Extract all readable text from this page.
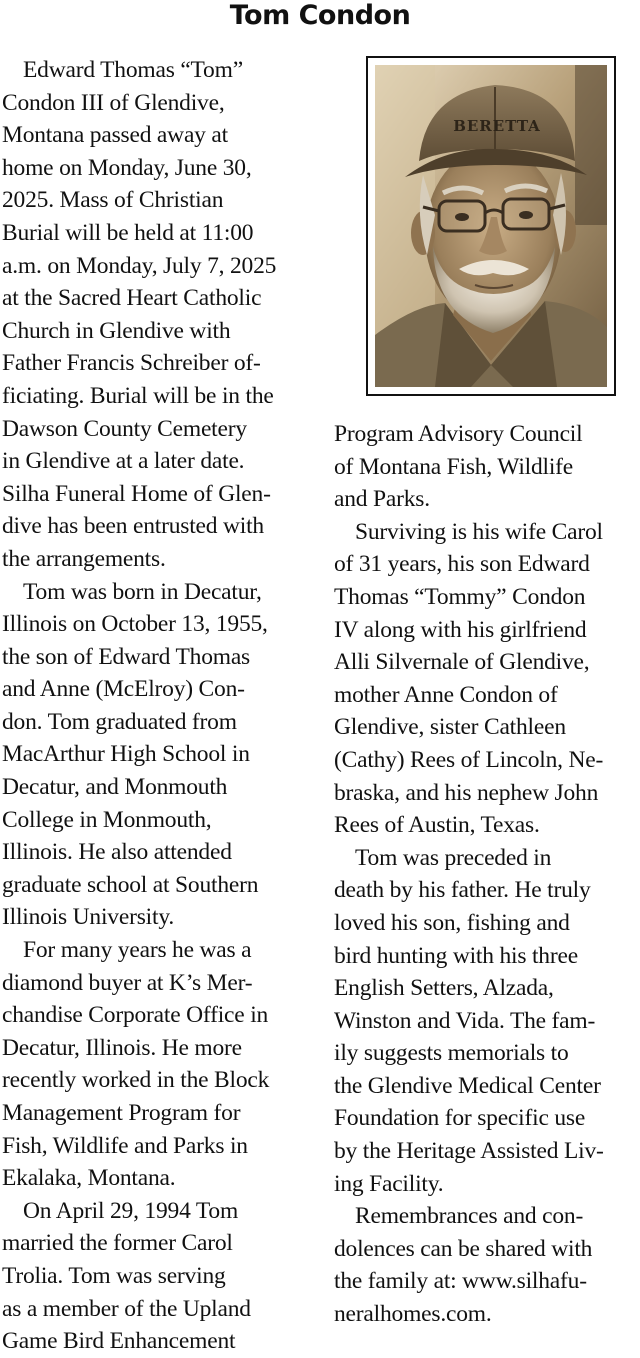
Tom Condon
Edward Thomas “Tom”
Condon III of Glendive,
Montana passed away at
home on Monday, June 30,
2025. Mass of Christian
Burial will be held at 11:00
a.m. on Monday, July 7, 2025
at the Sacred Heart Catholic
Church in Glendive with
Father Francis Schreiber of-
ficiating. Burial will be in the
Dawson County Cemetery
in Glendive at a later date.
Silha Funeral Home of Glen-
dive has been entrusted with
the arrangements.
Tom was born in Decatur,
Illinois on October 13, 1955,
the son of Edward Thomas
and Anne (McElroy) Con-
don. Tom graduated from
MacArthur High School in
Decatur, and Monmouth
College in Monmouth,
Illinois. He also attended
graduate school at Southern
Illinois University.
For many years he was a
diamond buyer at K’s Mer-
chandise Corporate Office in
Decatur, Illinois. He more
recently worked in the Block
Management Program for
Fish, Wildlife and Parks in
Ekalaka, Montana.
On April 29, 1994 Tom
married the former Carol
Trolia. Tom was serving
as a member of the Upland
Game Bird Enhancement
BERETTA
Program Advisory Council
of Montana Fish, Wildlife
and Parks.
Surviving is his wife Carol
of 31 years, his son Edward
Thomas “Tommy” Condon
IV along with his girlfriend
Alli Silvernale of Glendive,
mother Anne Condon of
Glendive, sister Cathleen
(Cathy) Rees of Lincoln, Ne-
braska, and his nephew John
Rees of Austin, Texas.
Tom was preceded in
death by his father. He truly
loved his son, fishing and
bird hunting with his three
English Setters, Alzada,
Winston and Vida. The fam-
ily suggests memorials to
the Glendive Medical Center
Foundation for specific use
by the Heritage Assisted Liv-
ing Facility.
Remembrances and con-
dolences can be shared with
the family at: www.silhafu-
neralhomes.com.
